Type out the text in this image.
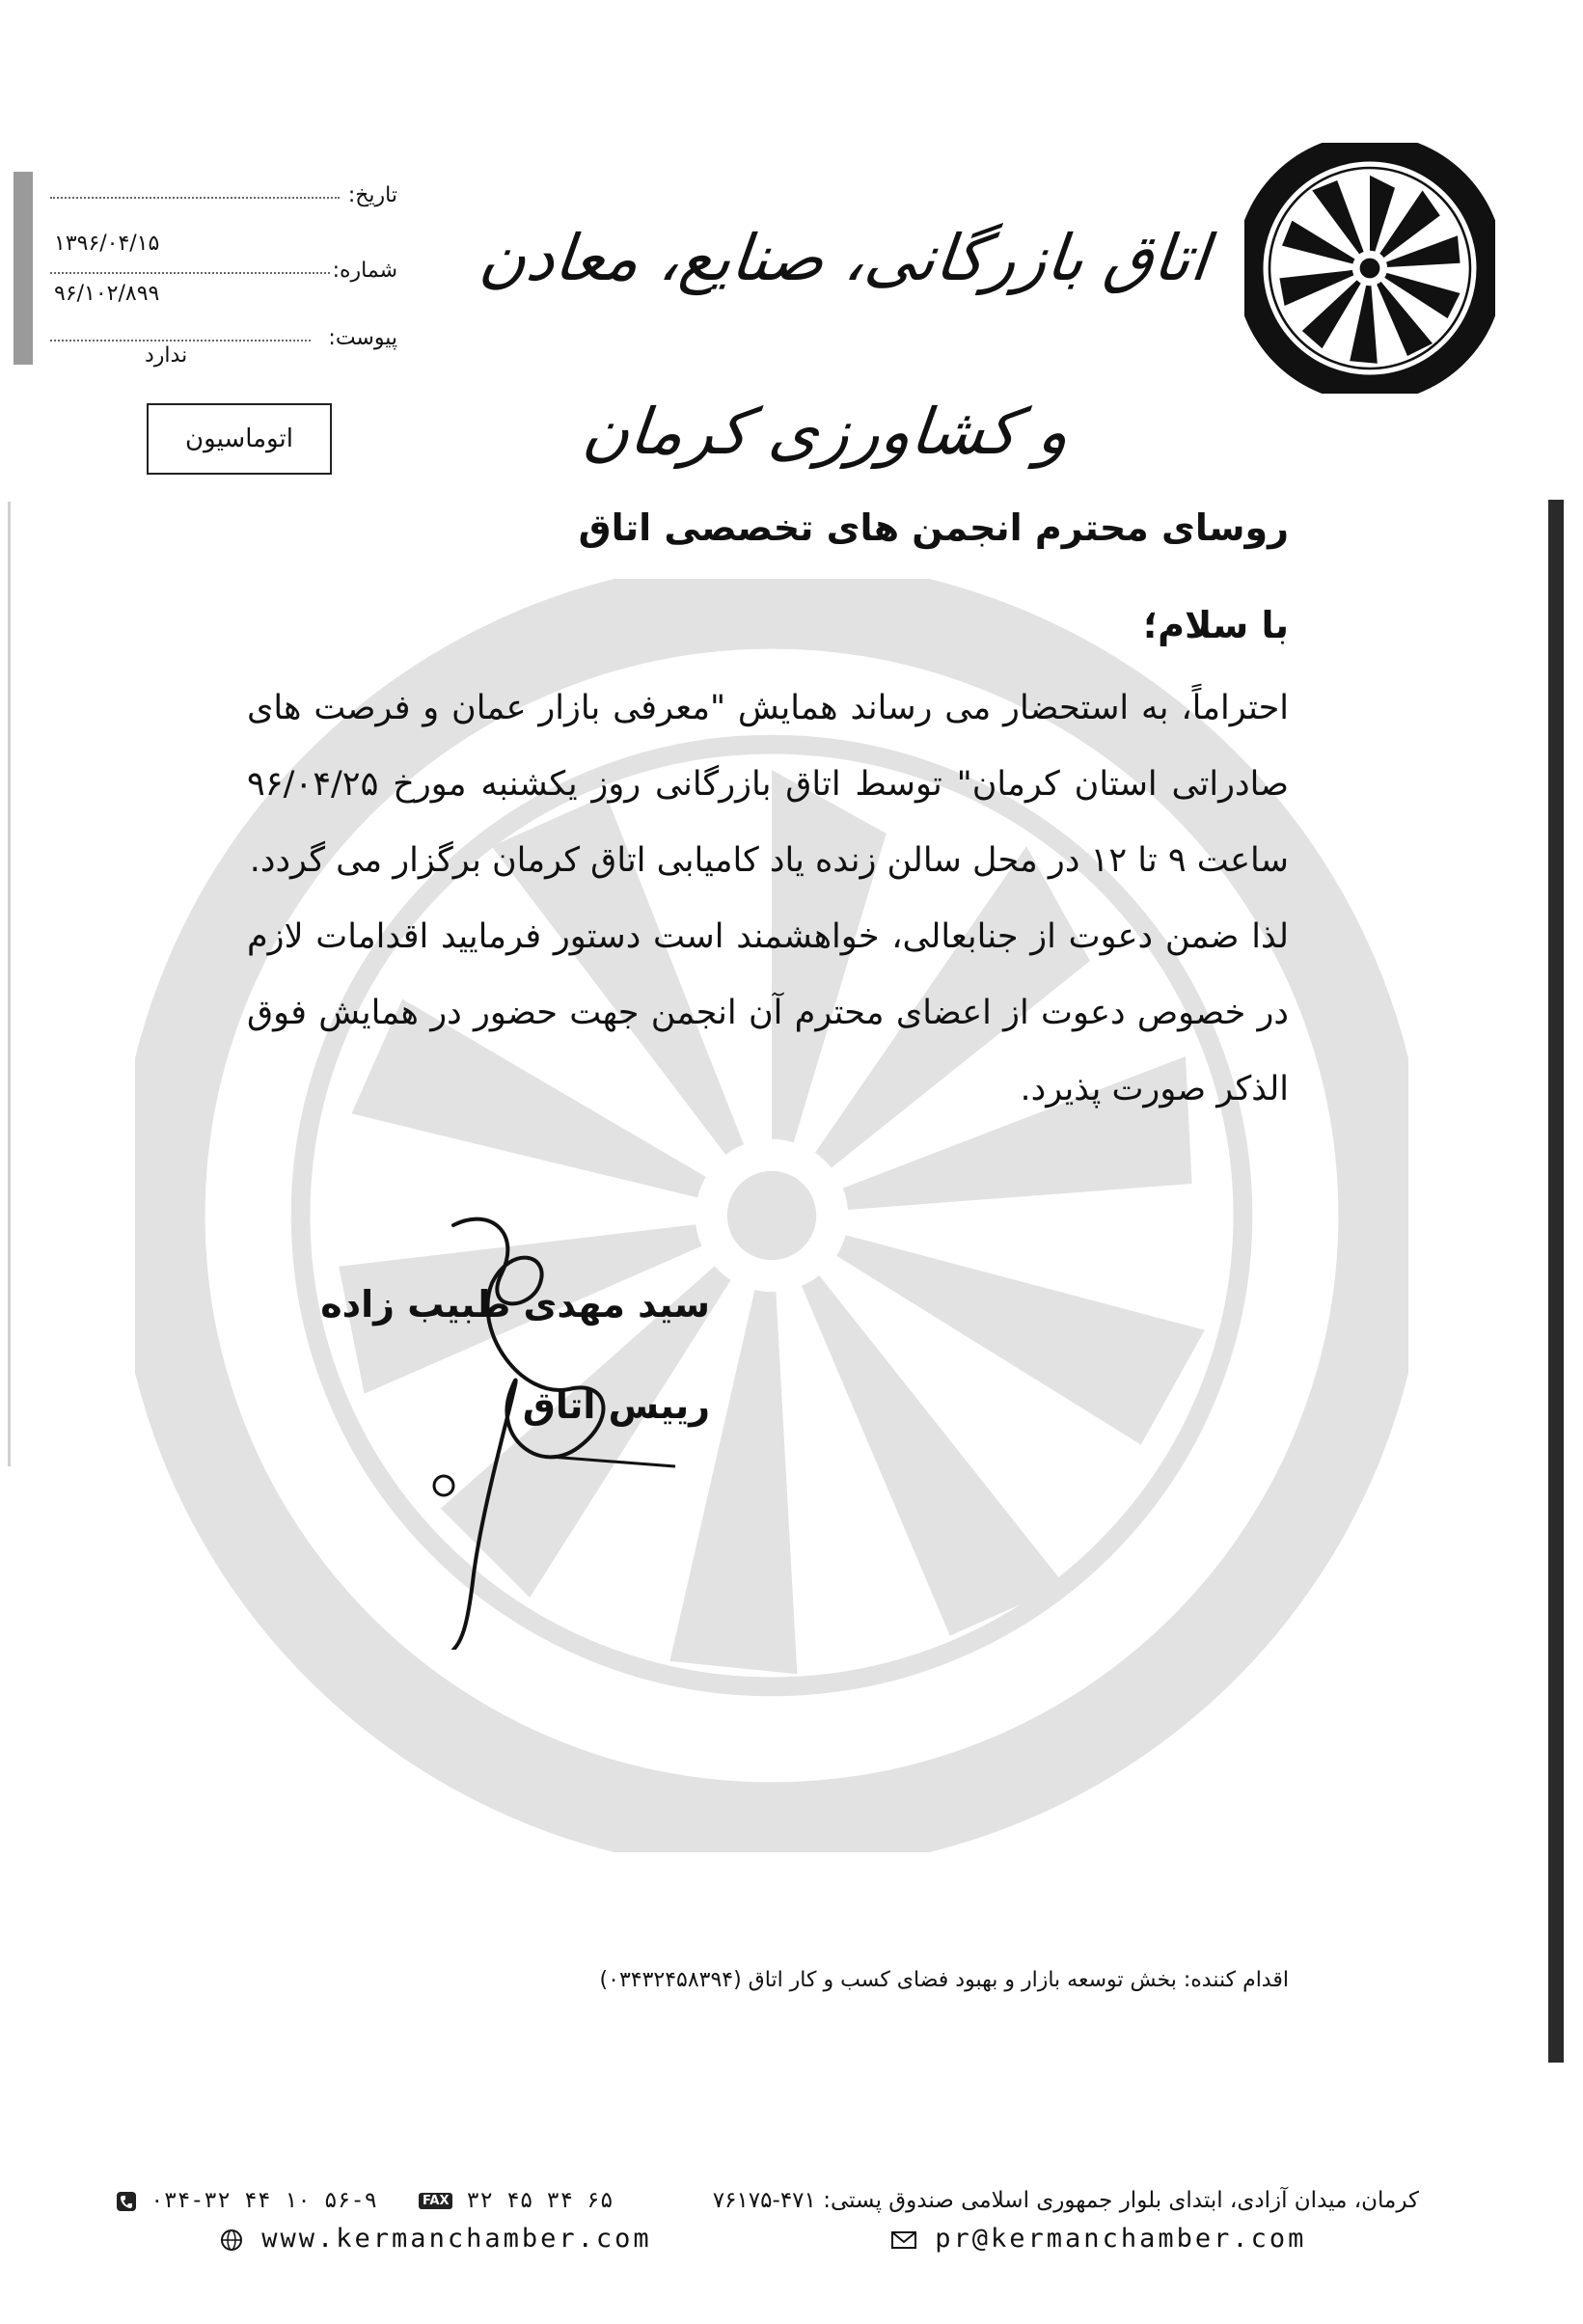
تاریخ:
شماره:
۱۳۹۶/۰۴/۱۵
۹۶/۱۰۲/۸۹۹
پیوست:
ندارد
اتوماسیون
اتاق بازرگانی، صنایع، معادن و کشاورزی کرمان
روسای محترم انجمن های تخصصی اتاق
با سلام؛
احتراماً، به استحضار می رساند همایش "معرفی بازار عمان و فرصت های صادراتی استان کرمان" توسط اتاق بازرگانی روز یکشنبه مورخ ۹۶/۰۴/۲۵ ساعت ۹ تا ۱۲ در محل سالن زنده یاد کامیابی اتاق کرمان برگزار می گردد.
لذا ضمن دعوت از جنابعالی، خواهشمند است دستور فرمایید اقدامات لازم در خصوص دعوت از اعضای محترم آن انجمن جهت حضور در همایش فوق الذکر صورت پذیرد.
سید مهدی طبیب زاده
رییس اتاق
اقدام کننده: بخش توسعه بازار و بهبود فضای کسب و کار اتاق (۰۳۴۳۲۴۵۸۳۹۴)
کرمان، میدان آزادی، ابتدای بلوار جمهوری اسلامی صندوق پستی: ۴۷۱-۷۶۱۷۵
FAX ۳۲ ۴۵ ۳۴ ۶۵
۰۳۴-۳۲ ۴۴ ۱۰ ۵۶-۹
www.kermanchamber.com	pr@kermanchamber.com
